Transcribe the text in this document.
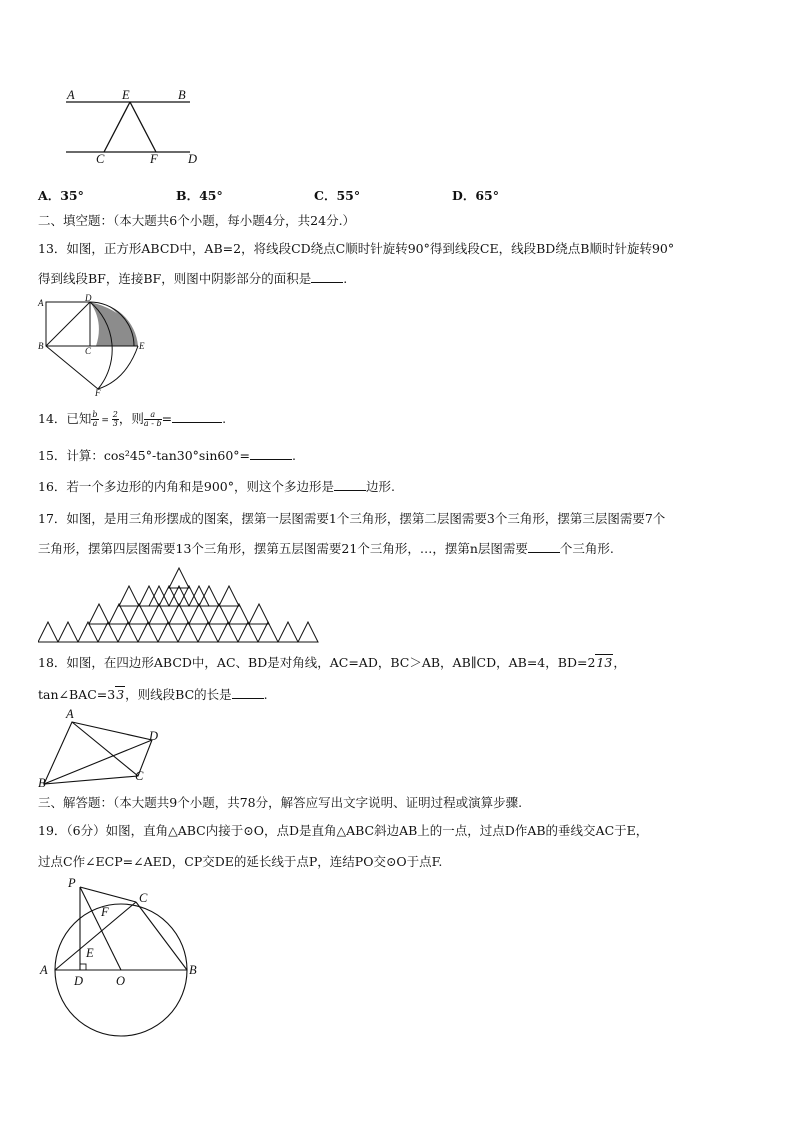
A	E	B
C	F D
A．35°	B．45°	C．55°	D．65°
二、填空题：（本大题共6个小题，每小题4分，共24分.）
13．如图，正方形ABCD中，AB=2，将线段CD绕点C顺时针旋转90°得到线段CE，线段BD绕点B顺时针旋转90°
得到线段BF，连接BF，则图中阴影部分的面积是	.
A	D
B	C	E
F
14．已知 $\frac{b}{a} = \frac{2}{3}$ ，则 $\frac{a}{a - b}$ =	.
15．计算：cos²45°-tan30°sin60°=	.
16．若一个多边形的内角和是900°，则这个多边形是	边形.
17．如图，是用三角形摆成的图案，摆第一层图需要1个三角形，摆第二层图需要3个三角形，摆第三层图需要7个
三角形，摆第四层图需要13个三角形，摆第五层图需要21个三角形，…，摆第n层图需要	个三角形.
18．如图，在四边形ABCD中，AC、BD是对角线，AC=AD，BC＞AB，AB∥CD，AB=4，BD=213，
tan∠BAC=33，则线段BC的长是	.
A
D
B	C
三、解答题：（本大题共9个小题，共78分，解答应写出文字说明、证明过程或演算步骤.
19．（6分）如图，直角△ABC内接于⊙O，点D是直角△ABC斜边AB上的一点，过点D作AB的垂线交AC于E，
过点C作∠ECP=∠AED，CP交DE的延长线于点P，连结PO交⊙O于点F.
P
C
F
E
A
D	O
B
